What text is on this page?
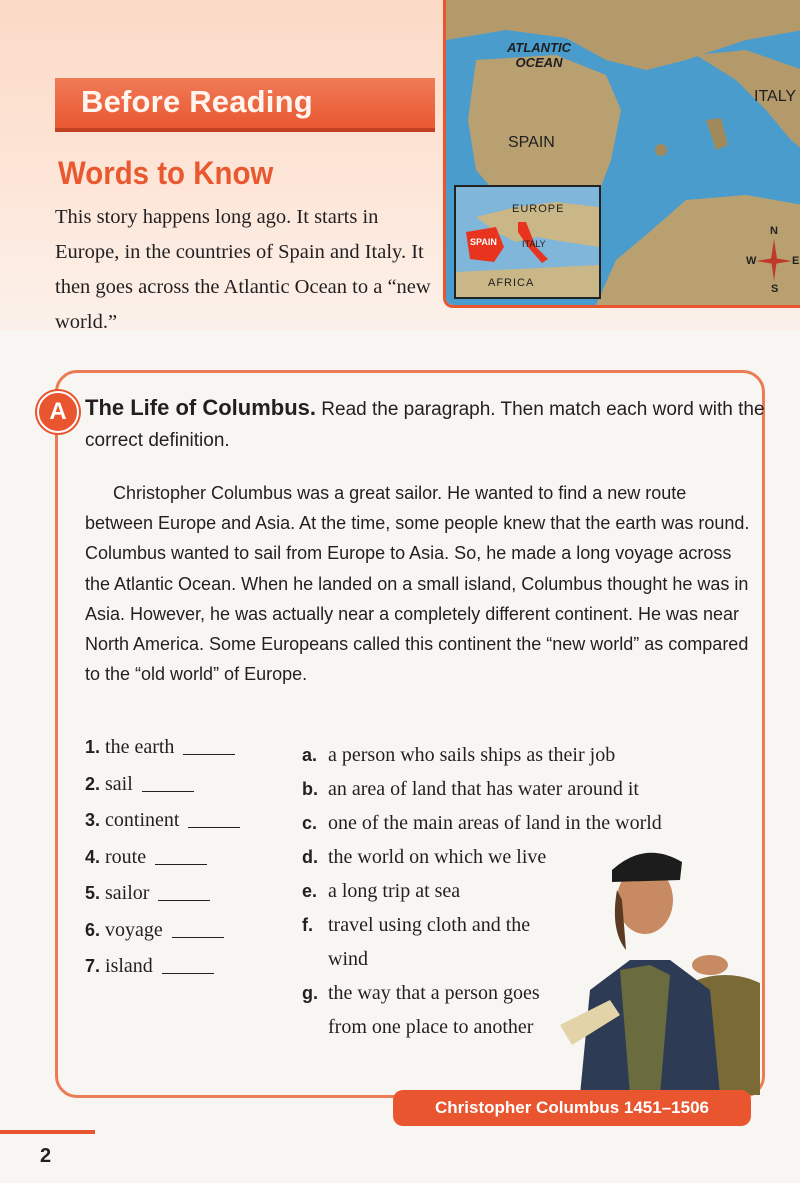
Before Reading
Words to Know

This story happens long ago. It starts in Europe, in the countries of Spain and Italy. It then goes across the Atlantic Ocean to a “new world.”

ATLANTIC OCEAN
SPAIN
ITALY
EUROPE
SPAIN	ITALY
AFRICA
N
W	E
S
A The Life of Columbus. Read the paragraph. Then match each word with the correct definition.

Christopher Columbus was a great sailor. He wanted to find a new route between Europe and Asia. At the time, some people knew that the earth was round. Columbus wanted to sail from Europe to Asia. So, he made a long voyage across the Atlantic Ocean. When he landed on a small island, Columbus thought he was in Asia. However, he was actually near a completely different continent. He was near North America. Some Europeans called this continent the “new world” as compared to the “old world” of Europe.

1. the earth
2. sail
3. continent
4. route
5. sailor
6. voyage
7. island
a. a person who sails ships as their job
b. an area of land that has water around it
c. one of the main areas of land in the world
d. the world on which we live
e. a long trip at sea
f. travel using cloth and the wind
g. the way that a person goes from one place to another
Christopher Columbus 1451–1506
2
